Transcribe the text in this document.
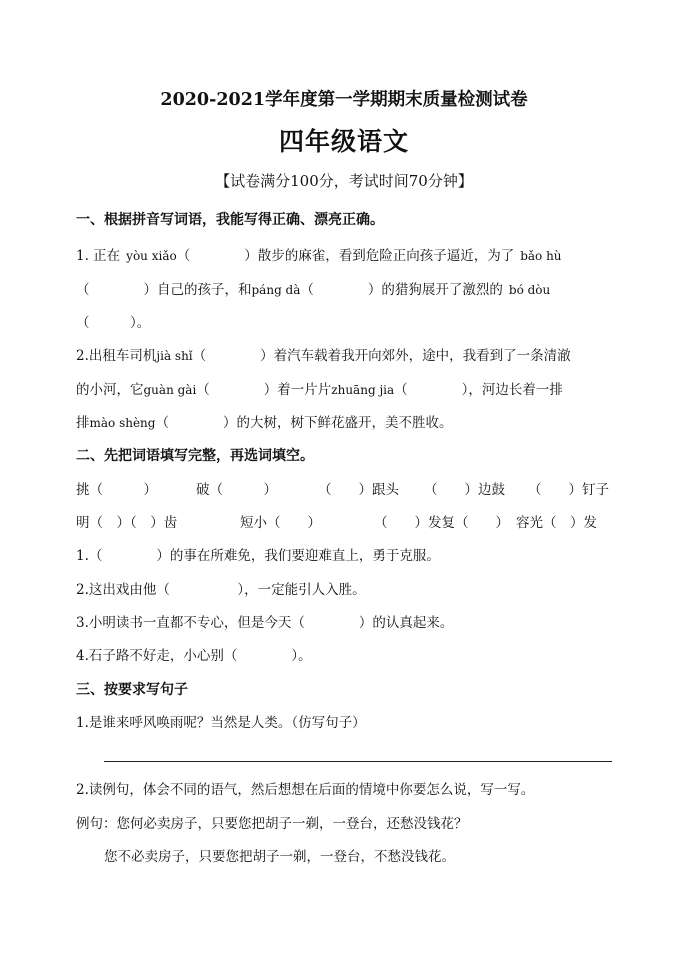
2020-2021学年度第一学期期末质量检测试卷
四年级语文
【试卷满分100分，考试时间70分钟】
一、根据拼音写词语，我能写得正确、漂亮正确。
1. 正在 yòu xiǎo（　　　　）散步的麻雀，看到危险正向孩子逼近，为了 bǎo hù
（　　　　）自己的孩子，和páng dà（　　　　）的猎狗展开了激烈的 bó dòu
（　　　）。
2.出租车司机jià shǐ（　　　　）着汽车载着我开向郊外，途中，我看到了一条清澈
的小河，它guàn gài（　　　　）着一片片zhuāng jia（　　　　），河边长着一排
排mào shèng（　　　　）的大树，树下鲜花盛开，美不胜收。
二、先把词语填写完整，再选词填空。
挑（　　　）	破（　　　）	（　　）跟头 （　　）边鼓 （　　）钉子
明（　）（　）齿	短小（　　）	（　　）发复（　　） 容光（　）发
1.（　　　　）的事在所难免，我们要迎难直上，勇于克服。
2.这出戏由他（　　　　　），一定能引人入胜。
3.小明读书一直都不专心，但是今天（　　　　）的认真起来。
4.石子路不好走，小心别（　　　　）。
三、按要求写句子
1.是谁来呼风唤雨呢？当然是人类。（仿写句子）
2.读例句，体会不同的语气，然后想想在后面的情境中你要怎么说，写一写。
例句：您何必卖房子，只要您把胡子一剃，一登台，还愁没钱花？
您不必卖房子，只要您把胡子一剃，一登台，不愁没钱花。
